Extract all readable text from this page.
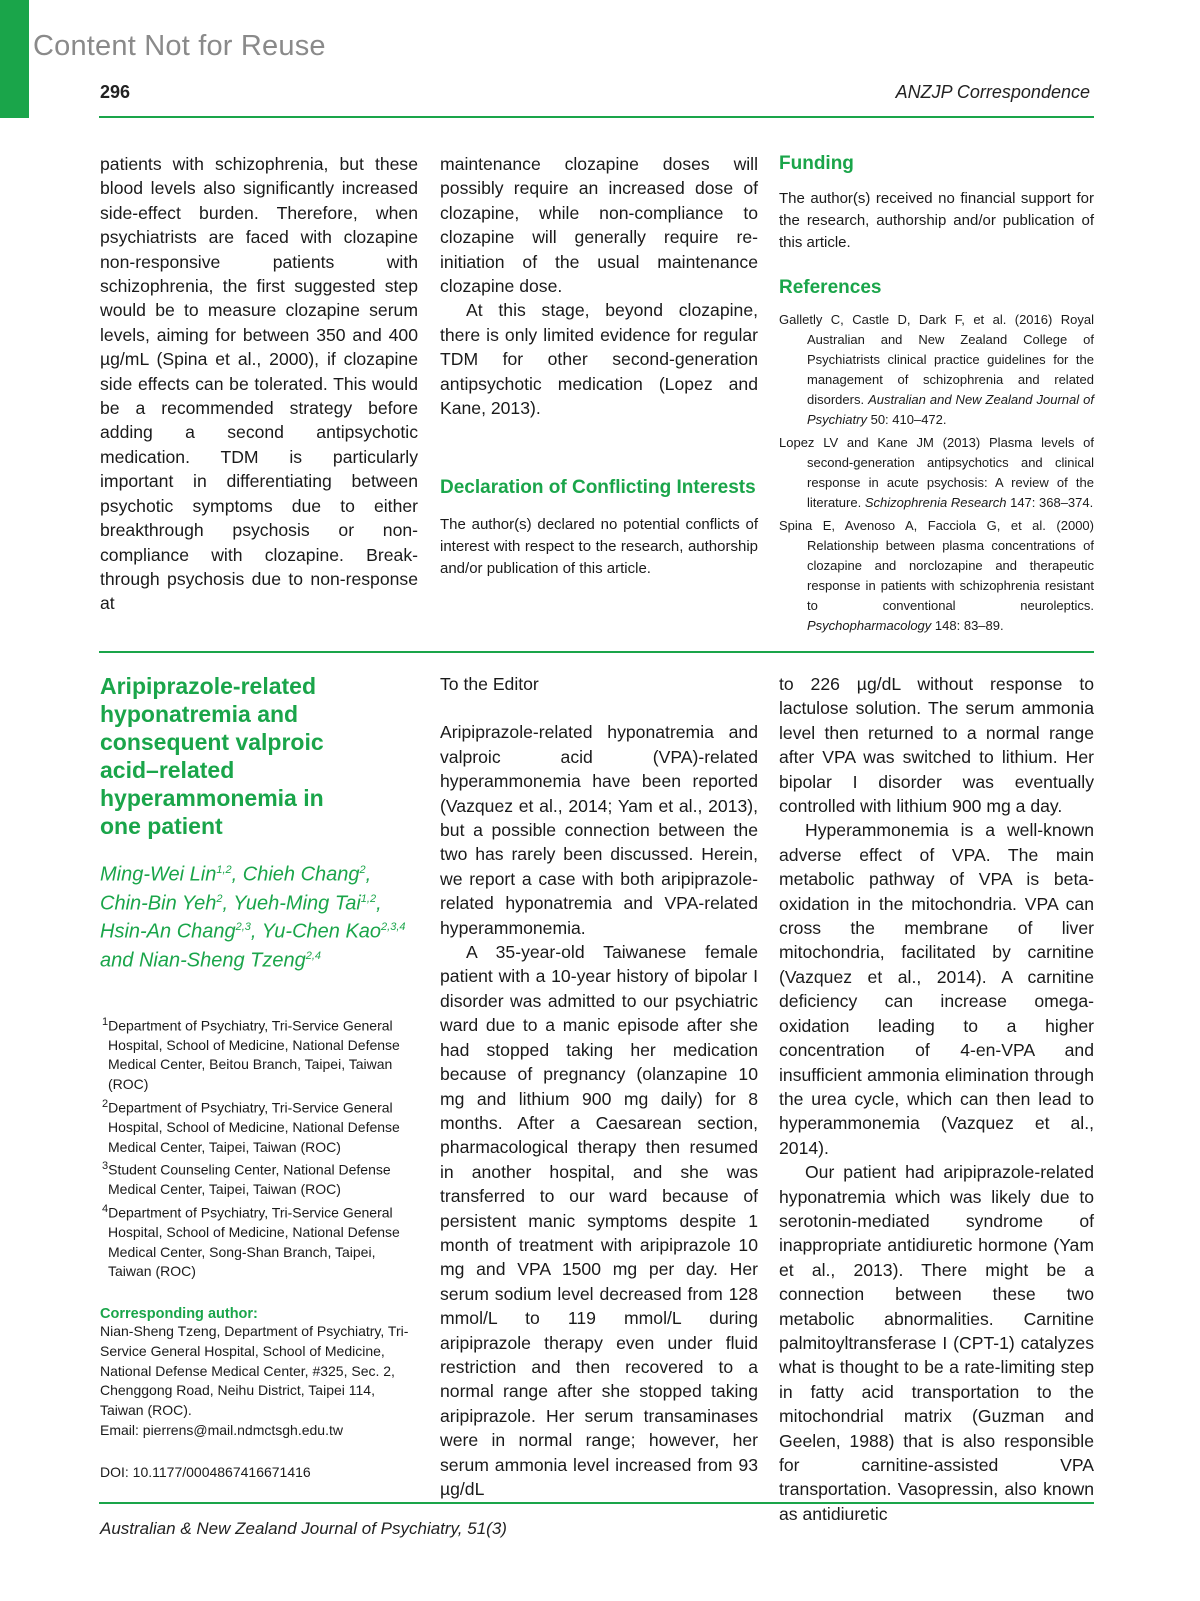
Content Not for Reuse
296	ANZJP Correspondence

patients with schizophrenia, but these blood levels also significantly increased side-effect burden. Therefore, when psychiatrists are faced with clozapine non-responsive patients with schizophrenia, the first suggested step would be to measure clozapine serum levels, aiming for between 350 and 400 µg/mL (Spina et al., 2000), if clozapine side effects can be tolerated. This would be a recommended strategy before adding a second antipsychotic medication. TDM is particularly important in differentiating between psychotic symptoms due to either breakthrough psychosis or non-compliance with clozapine. Break-through psychosis due to non-response at

maintenance clozapine doses will possibly require an increased dose of clozapine, while non-compliance to clozapine will generally require re-initiation of the usual maintenance clozapine dose.

At this stage, beyond clozapine, there is only limited evidence for regular TDM for other second-generation antipsychotic medication (Lopez and Kane, 2013).

Declaration of Conflicting Interests

The author(s) declared no potential conflicts of interest with respect to the research, authorship and/or publication of this article.

Funding

The author(s) received no financial support for the research, authorship and/or publication of this article.

References

Galletly C, Castle D, Dark F, et al. (2016) Royal Australian and New Zealand College of Psychiatrists clinical practice guidelines for the management of schizophrenia and related disorders. Australian and New Zealand Journal of Psychiatry 50: 410–472.

Lopez LV and Kane JM (2013) Plasma levels of second-generation antipsychotics and clinical response in acute psychosis: A review of the literature. Schizophrenia Research 147: 368–374.

Spina E, Avenoso A, Facciola G, et al. (2000) Relationship between plasma concentrations of clozapine and norclozapine and therapeutic response in patients with schizophrenia resistant to conventional neuroleptics. Psychopharmacology 148: 83–89.

Aripiprazole-related hyponatremia and consequent valproic acid–related hyperammonemia in one patient

Ming-Wei Lin$^{1,2}$, Chieh Chang$^2$, Chin-Bin Yeh$^2$, Yueh-Ming Tai$^{1,2}$, Hsin-An Chang$^{2,3}$, Yu-Chen Kao$^{2,3,4}$ and Nian-Sheng Tzeng$^{2,4}$

$^1$Department of Psychiatry, Tri-Service General Hospital, School of Medicine, National Defense Medical Center, Beitou Branch, Taipei, Taiwan (ROC)

$^2$Department of Psychiatry, Tri-Service General Hospital, School of Medicine, National Defense Medical Center, Taipei, Taiwan (ROC)

$^3$Student Counseling Center, National Defense Medical Center, Taipei, Taiwan (ROC)

$^4$Department of Psychiatry, Tri-Service General Hospital, School of Medicine, National Defense Medical Center, Song-Shan Branch, Taipei, Taiwan (ROC)

Corresponding author:

Nian-Sheng Tzeng, Department of Psychiatry, Tri-Service General Hospital, School of Medicine, National Defense Medical Center, #325, Sec. 2, Chenggong Road, Neihu District, Taipei 114, Taiwan (ROC).

Email: pierrens@mail.ndmctsgh.edu.tw

DOI: 10.1177/0004867416671416

To the Editor

Aripiprazole-related hyponatremia and valproic acid (VPA)-related hyperammonemia have been reported (Vazquez et al., 2014; Yam et al., 2013), but a possible connection between the two has rarely been discussed. Herein, we report a case with both aripiprazole-related hyponatremia and VPA-related hyperammonemia.

A 35-year-old Taiwanese female patient with a 10-year history of bipolar I disorder was admitted to our psychiatric ward due to a manic episode after she had stopped taking her medication because of pregnancy (olanzapine 10 mg and lithium 900 mg daily) for 8 months. After a Caesarean section, pharmacological therapy then resumed in another hospital, and she was transferred to our ward because of persistent manic symptoms despite 1 month of treatment with aripiprazole 10 mg and VPA 1500 mg per day. Her serum sodium level decreased from 128 mmol/L to 119 mmol/L during aripiprazole therapy even under fluid restriction and then recovered to a normal range after she stopped taking aripiprazole. Her serum transaminases were in normal range; however, her serum ammonia level increased from 93 µg/dL

to 226 µg/dL without response to lactulose solution. The serum ammonia level then returned to a normal range after VPA was switched to lithium. Her bipolar I disorder was eventually controlled with lithium 900 mg a day.

Hyperammonemia is a well-known adverse effect of VPA. The main metabolic pathway of VPA is beta-oxidation in the mitochondria. VPA can cross the membrane of liver mitochondria, facilitated by carnitine (Vazquez et al., 2014). A carnitine deficiency can increase omega-oxidation leading to a higher concentration of 4-en-VPA and insufficient ammonia elimination through the urea cycle, which can then lead to hyperammonemia (Vazquez et al., 2014).

Our patient had aripiprazole-related hyponatremia which was likely due to serotonin-mediated syndrome of inappropriate antidiuretic hormone (Yam et al., 2013). There might be a connection between these two metabolic abnormalities. Carnitine palmitoyltransferase I (CPT-1) catalyzes what is thought to be a rate-limiting step in fatty acid transportation to the mitochondrial matrix (Guzman and Geelen, 1988) that is also responsible for carnitine-assisted VPA transportation. Vasopressin, also known as antidiuretic

Australian & New Zealand Journal of Psychiatry, 51(3)
